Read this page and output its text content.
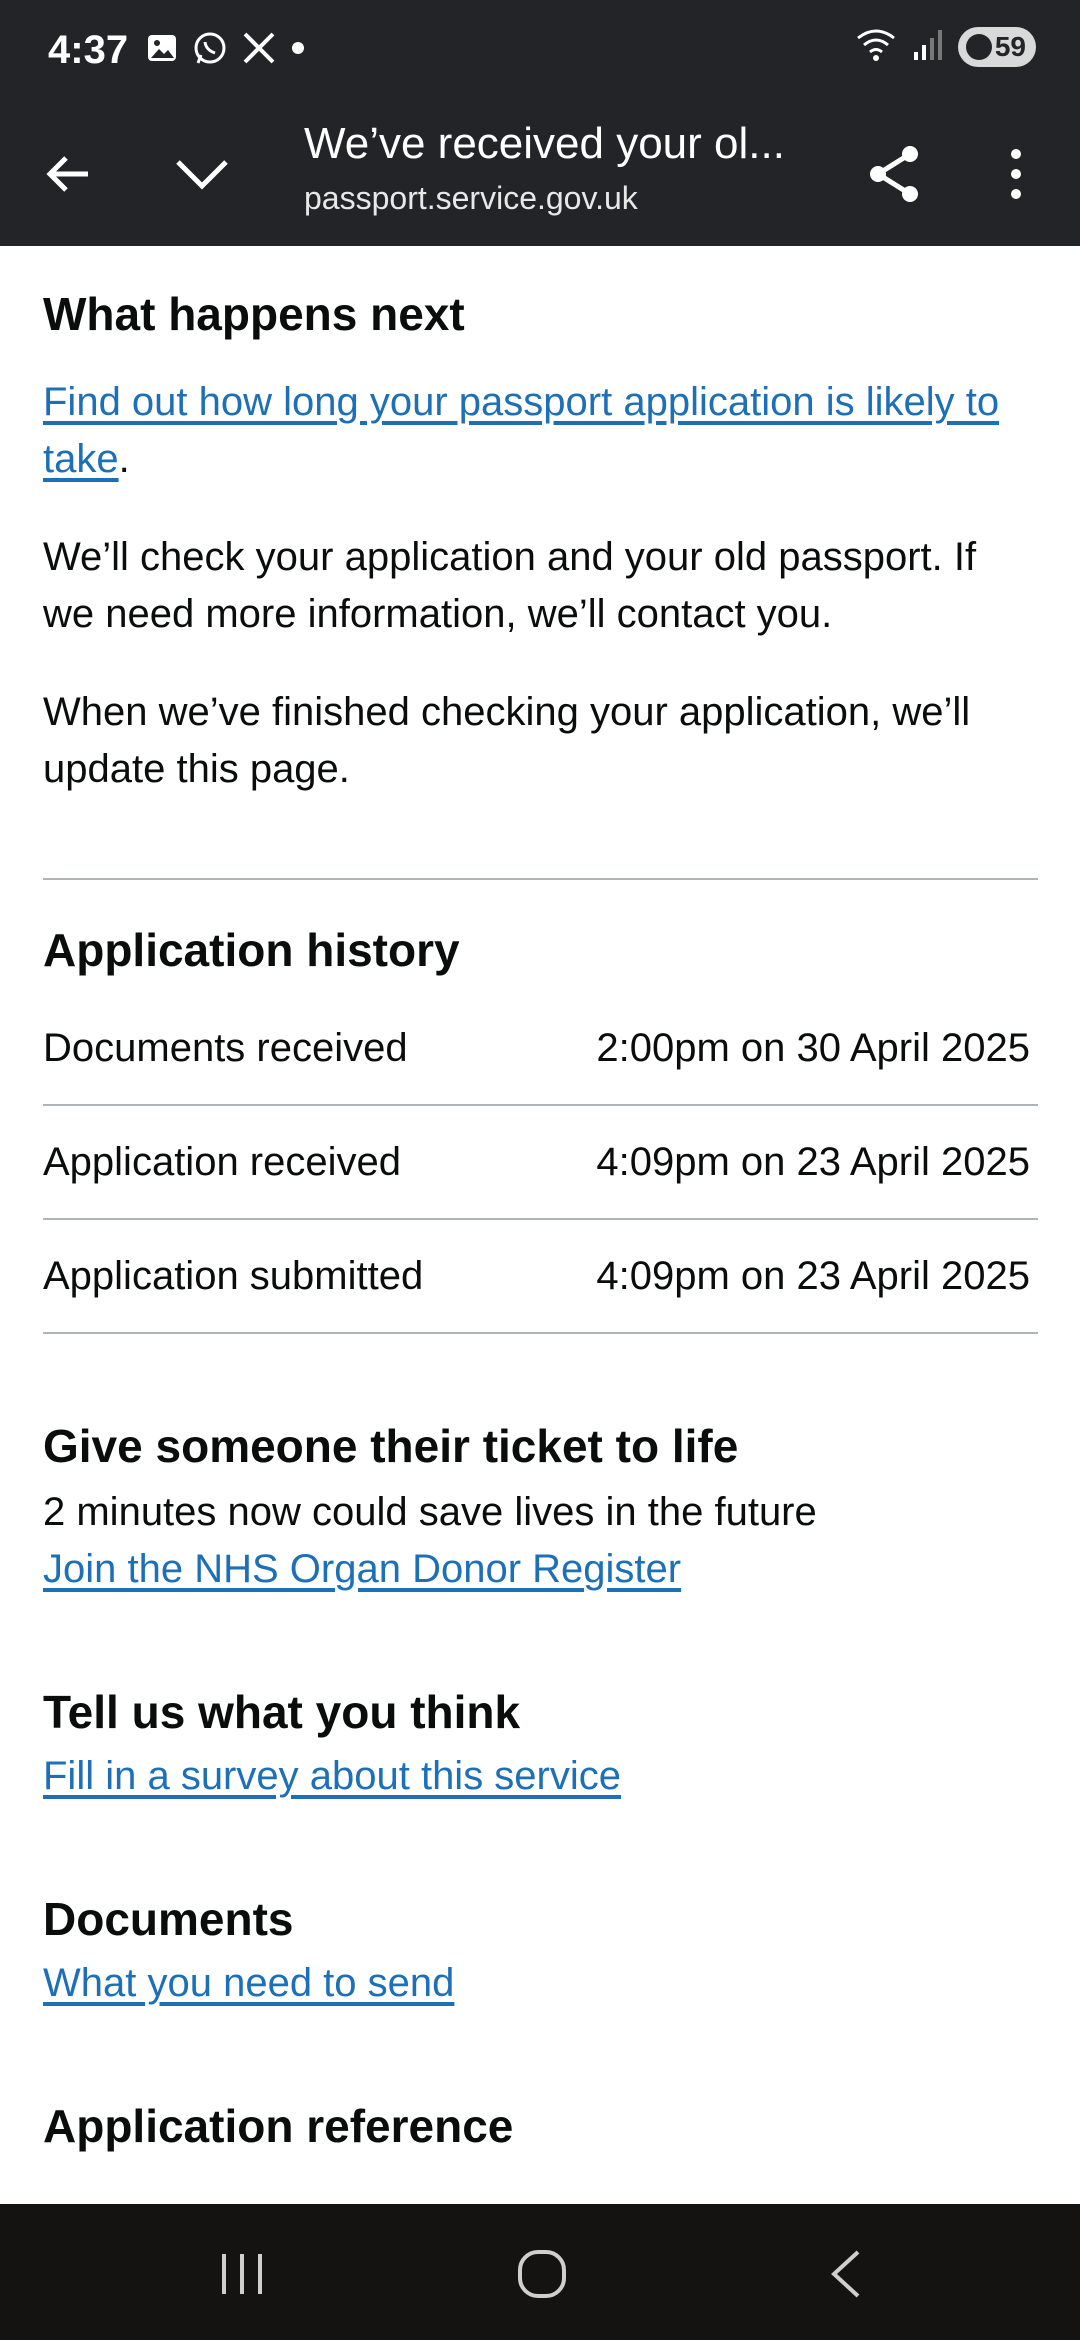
4:37	59
We’ve received your ol...
passport.service.gov.uk
What happens next
Find out how long your passport application is likely to take.

We’ll check your application and your old passport. If we need more information, we’ll contact you.

When we’ve finished checking your application, we’ll update this page.

Application history
Documents received	2:00pm on 30 April 2025
Application received	4:09pm on 23 April 2025
Application submitted	4:09pm on 23 April 2025
Give someone their ticket to life

2 minutes now could save lives in the future

Join the NHS Organ Donor Register
Tell us what you think
Fill in a survey about this service
Documents
What you need to send
Application reference
